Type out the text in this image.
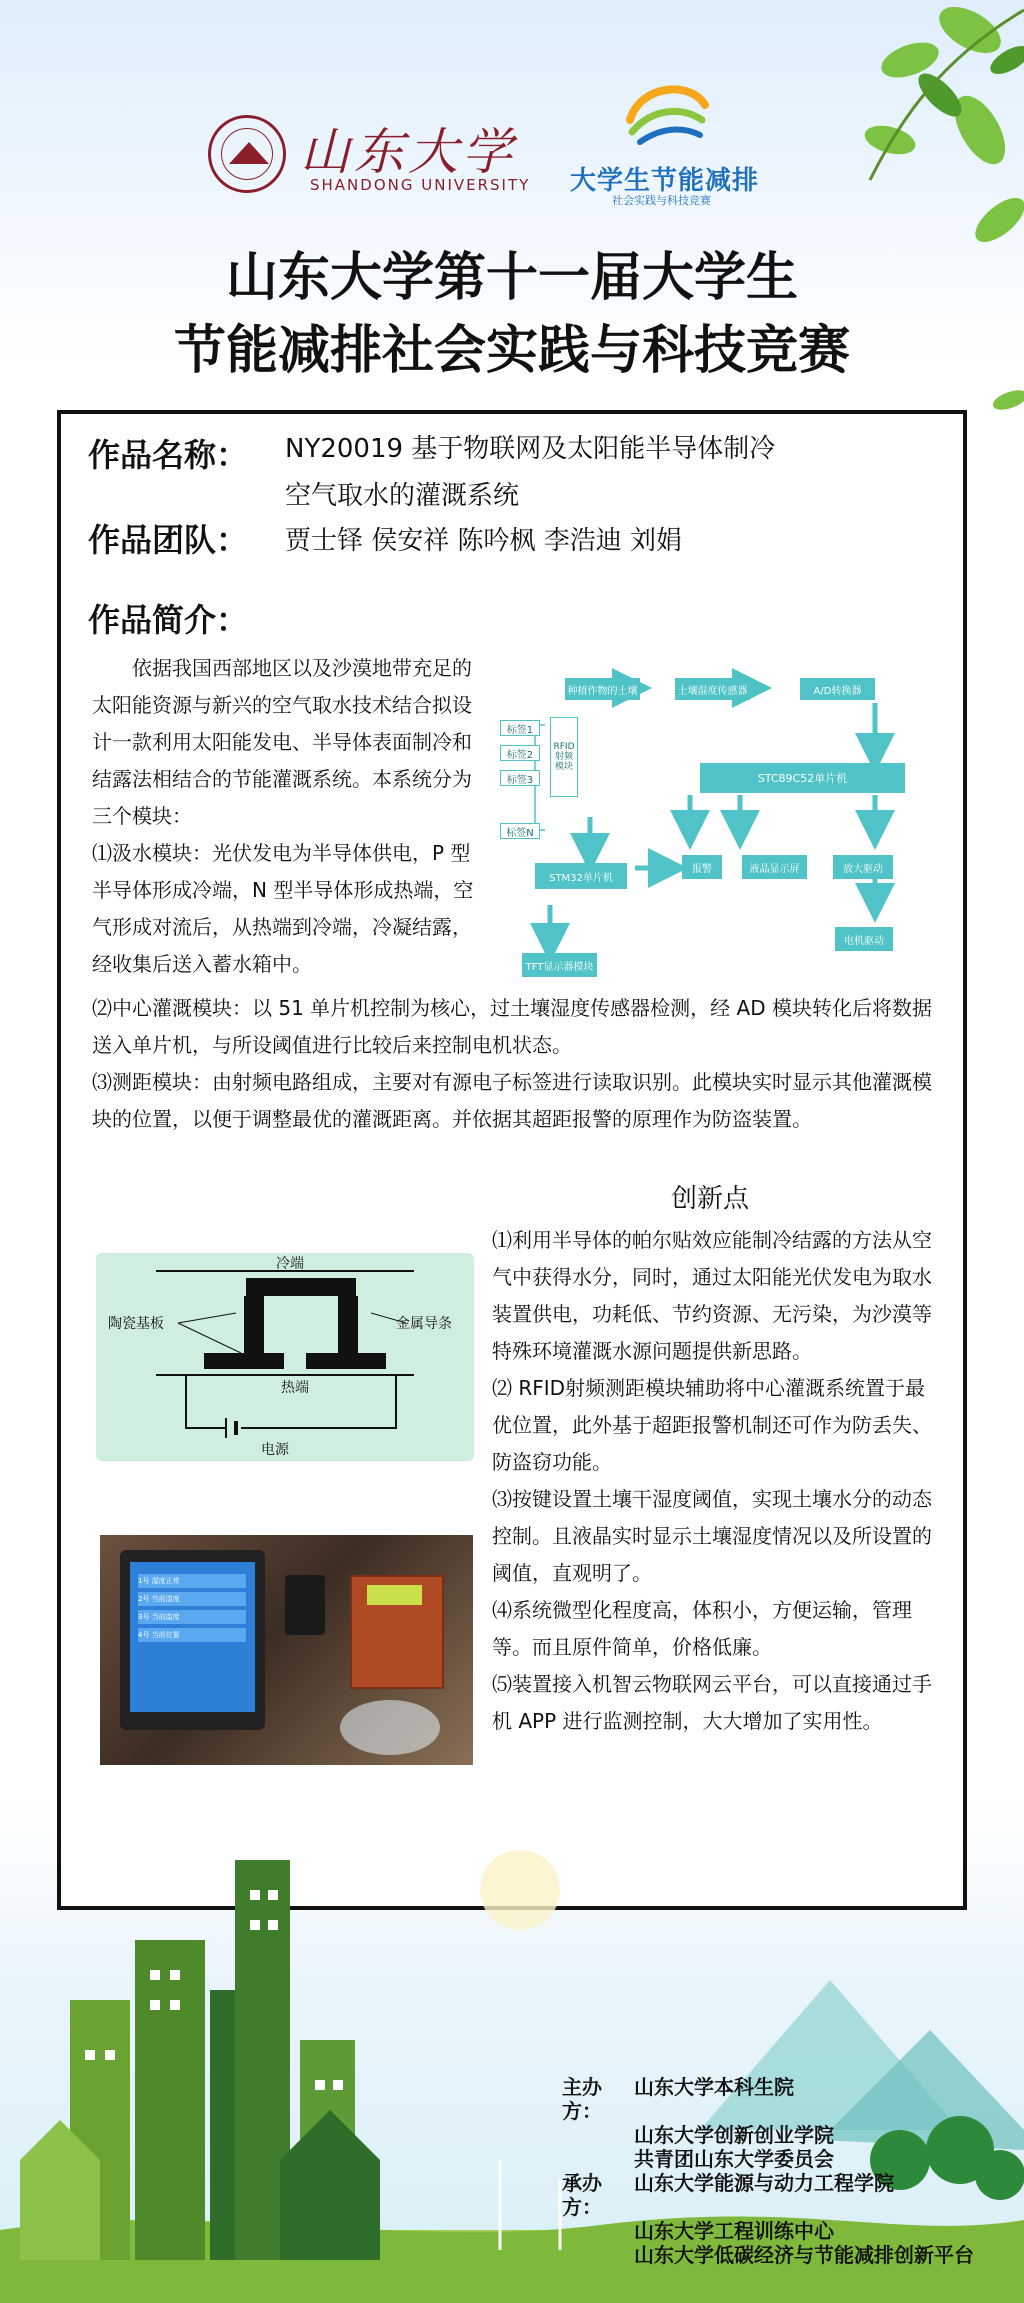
山东大学
SHANDONG UNIVERSITY 大学生节能减排
社会实践与科技竞赛
山东大学第十一届大学生
节能减排社会实践与科技竞赛
作品名称： NY20019 基于物联网及太阳能半导体制冷
空气取水的灌溉系统
作品团队： 贾士铎 侯安祥 陈吟枫 李浩迪 刘娟
作品简介：

依据我国西部地区以及沙漠地带充足的太阳能资源与新兴的空气取水技术结合拟设计一款利用太阳能发电、半导体表面制冷和结露法相结合的节能灌溉系统。本系统分为三个模块：

⑴汲水模块：光伏发电为半导体供电，P 型半导体形成冷端，N 型半导体形成热端，空气形成对流后，从热端到冷端，冷凝结露，经收集后送入蓄水箱中。

⑵中心灌溉模块：以 51 单片机控制为核心，过土壤湿度传感器检测，经 AD 模块转化后将数据送入单片机，与所设阈值进行比较后来控制电机状态。

⑶测距模块：由射频电路组成，主要对有源电子标签进行读取识别。此模块实时显示其他灌溉模块的位置，以便于调整最优的灌溉距离。并依据其超距报警的原理作为防盗装置。

种植作物的土壤	土壤湿度传感器	A/D转换器
标签1
标签2
标签3
标签N
RFID射频模块
STC89C52单片机
STM32单片机
报警	液晶显示屏	放大驱动
TFT显示器模块
电机驱动
冷端
热端
陶瓷基板	金属导条
电源
1号 湿度正常
2号 当前湿度
3号 当前温度
4号 当前位置
创新点

⑴利用半导体的帕尔贴效应能制冷结露的方法从空气中获得水分，同时，通过太阳能光伏发电为取水装置供电，功耗低、节约资源、无污染，为沙漠等特殊环境灌溉水源问题提供新思路。

⑵ RFID射频测距模块辅助将中心灌溉系统置于最优位置，此外基于超距报警机制还可作为防丢失、防盗窃功能。

⑶按键设置土壤干湿度阈值，实现土壤水分的动态控制。且液晶实时显示土壤湿度情况以及所设置的阈值，直观明了。

⑷系统微型化程度高，体积小，方便运输，管理等。而且原件简单，价格低廉。

⑸装置接入机智云物联网云平台，可以直接通过手机 APP 进行监测控制，大大增加了实用性。

主办方：
山东大学本科生院
山东大学创新创业学院
共青团山东大学委员会
承办方：
山东大学能源与动力工程学院
山东大学工程训练中心
山东大学低碳经济与节能减排创新平台
